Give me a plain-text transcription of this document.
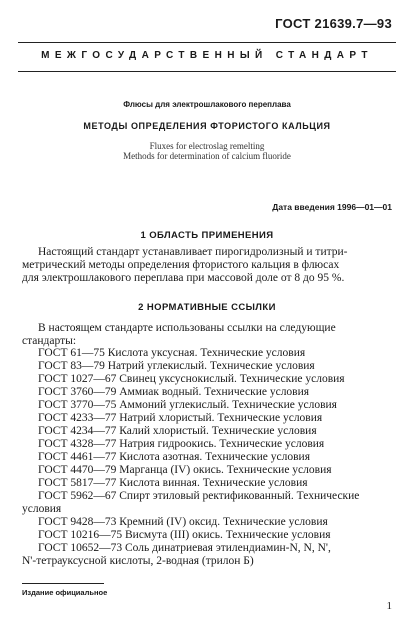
ГОСТ 21639.7—93
МЕЖГОСУДАРСТВЕННЫЙ СТАНДАРТ
Флюсы для электрошлакового переплава
МЕТОДЫ ОПРЕДЕЛЕНИЯ ФТОРИСТОГО КАЛЬЦИЯ
Fluxes for electroslag remelting
Methods for determination of calcium fluoride
Дата введения 1996—01—01
1 ОБЛАСТЬ ПРИМЕНЕНИЯ
Настоящий стандарт устанавливает пирогидролизный и титри-
метрический методы определения фтористого кальция в флюсах
для электрошлакового переплава при массовой доле от 8 до 95 %.
2 НОРМАТИВНЫЕ ССЫЛКИ
В настоящем стандарте использованы ссылки на следующие
стандарты:
ГОСТ 61—75 Кислота уксусная. Технические условия
ГОСТ 83—79 Натрий углекислый. Технические условия
ГОСТ 1027—67 Свинец уксуснокислый. Технические условия
ГОСТ 3760—79 Аммиак водный. Технические условия
ГОСТ 3770—75 Аммоний углекислый. Технические условия
ГОСТ 4233—77 Натрий хлористый. Технические условия
ГОСТ 4234—77 Калий хлористый. Технические условия
ГОСТ 4328—77 Натрия гидроокись. Технические условия
ГОСТ 4461—77 Кислота азотная. Технические условия
ГОСТ 4470—79 Марганца (IV) окись. Технические условия
ГОСТ 5817—77 Кислота винная. Технические условия
ГОСТ 5962—67 Спирт этиловый ректификованный. Технические
условия
ГОСТ 9428—73 Кремний (IV) оксид. Технические условия
ГОСТ 10216—75 Висмута (III) окись. Технические условия
ГОСТ 10652—73 Соль динатриевая этилендиамин-N, N, N',
N'-тетрауксусной кислоты, 2-водная (трилон Б)
Издание официальное
1
